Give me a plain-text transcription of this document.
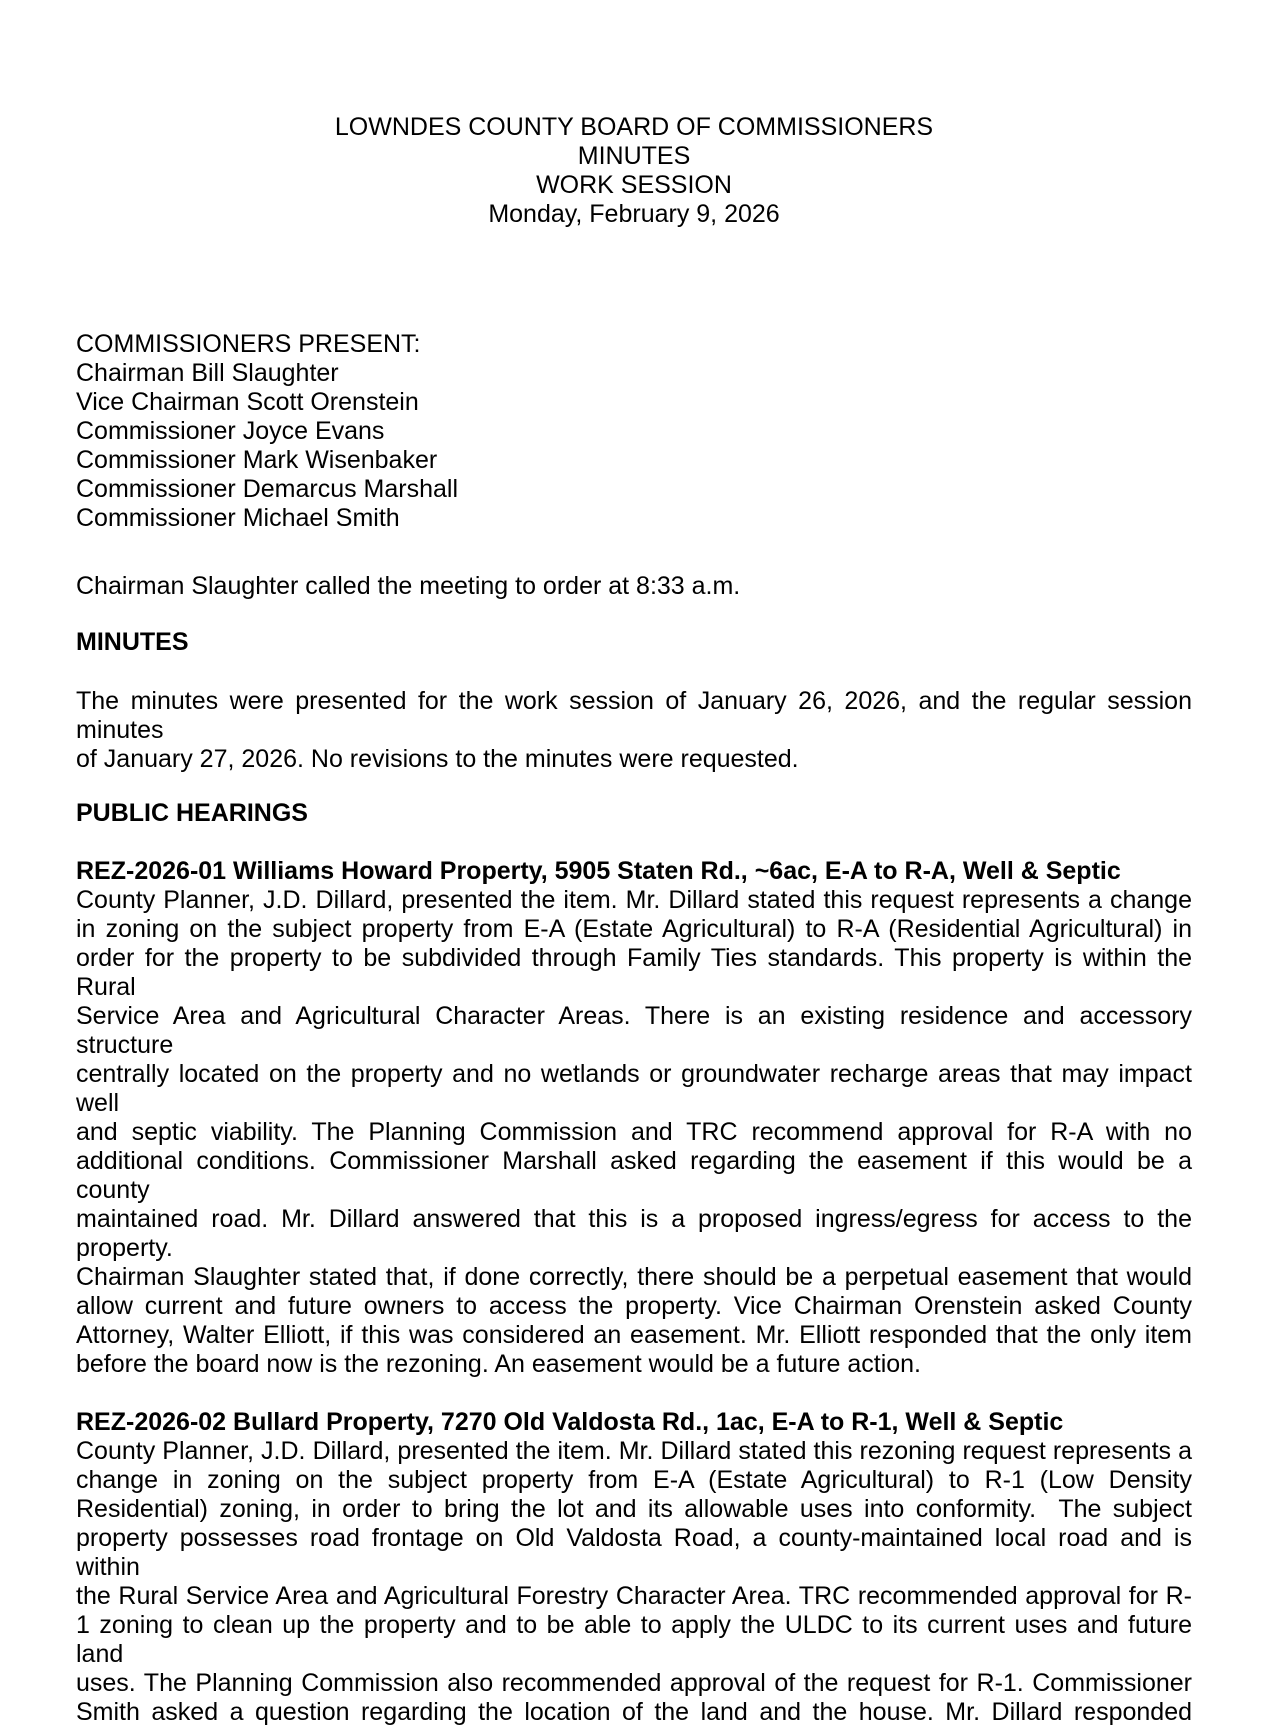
LOWNDES COUNTY BOARD OF COMMISSIONERS
MINUTES
WORK SESSION
Monday, February 9, 2026
COMMISSIONERS PRESENT:
Chairman Bill Slaughter
Vice Chairman Scott Orenstein
Commissioner Joyce Evans
Commissioner Mark Wisenbaker
Commissioner Demarcus Marshall
Commissioner Michael Smith
Chairman Slaughter called the meeting to order at 8:33 a.m.
MINUTES
The minutes were presented for the work session of January 26, 2026, and the regular session minutes
of January 27, 2026. No revisions to the minutes were requested.
PUBLIC HEARINGS
REZ-2026-01 Williams Howard Property, 5905 Staten Rd., ~6ac, E-A to R-A, Well & Septic
County Planner, J.D. Dillard, presented the item. Mr. Dillard stated this request represents a change
in zoning on the subject property from E-A (Estate Agricultural) to R-A (Residential Agricultural) in
order for the property to be subdivided through Family Ties standards. This property is within the Rural
Service Area and Agricultural Character Areas. There is an existing residence and accessory structure
centrally located on the property and no wetlands or groundwater recharge areas that may impact well
and septic viability. The Planning Commission and TRC recommend approval for R-A with no
additional conditions. Commissioner Marshall asked regarding the easement if this would be a county
maintained road. Mr. Dillard answered that this is a proposed ingress/egress for access to the property.
Chairman Slaughter stated that, if done correctly, there should be a perpetual easement that would
allow current and future owners to access the property. Vice Chairman Orenstein asked County
Attorney, Walter Elliott, if this was considered an easement. Mr. Elliott responded that the only item
before the board now is the rezoning. An easement would be a future action.
REZ-2026-02 Bullard Property, 7270 Old Valdosta Rd., 1ac, E-A to R-1, Well & Septic
County Planner, J.D. Dillard, presented the item. Mr. Dillard stated this rezoning request represents a
change in zoning on the subject property from E-A (Estate Agricultural) to R-1 (Low Density
Residential) zoning, in order to bring the lot and its allowable uses into conformity.  The subject
property possesses road frontage on Old Valdosta Road, a county-maintained local road and is within
the Rural Service Area and Agricultural Forestry Character Area. TRC recommended approval for R-
1 zoning to clean up the property and to be able to apply the ULDC to its current uses and future land
uses. The Planning Commission also recommended approval of the request for R-1. Commissioner
Smith asked a question regarding the location of the land and the house. Mr. Dillard responded
